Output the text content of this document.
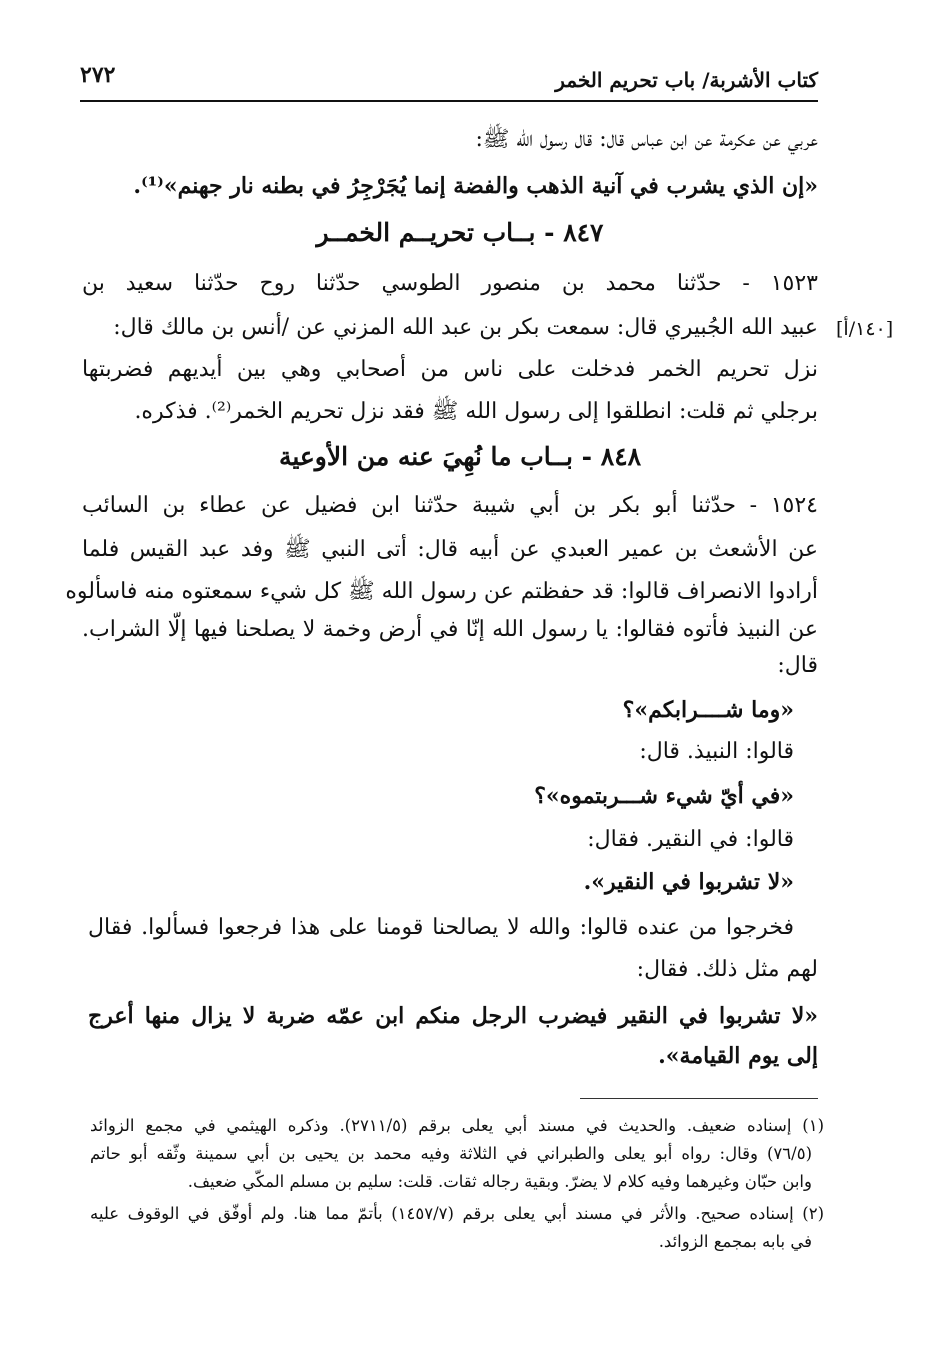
٢٧٢	كتاب الأشربة/ باب تحريم الخمر
[١٤٠/أ]
عربي عن عكرمة عن ابن عباس قال: قال رسول الله ﷺ:
«إن الذي يشرب في آنية الذهب والفضة إنما يُجَرْجِرُ في بطنه نار جهنم»⁽¹⁾.
٨٤٧ - بــاب تحريــم الخمــر
١٥٢٣ - حدّثنا محمد بن منصور الطوسي حدّثنا روح حدّثنا سعيد بن
عبيد الله الجُبيري قال: سمعت بكر بن عبد الله المزني عن /أنس بن مالك قال:
نزل تحريم الخمر فدخلت على ناس من أصحابي وهي بين أيديهم فضربتها
برجلي ثم قلت: انطلقوا إلى رسول الله ﷺ فقد نزل تحريم الخمر⁽²⁾. فذكره.
٨٤٨ - بــاب ما نُهِيَ عنه من الأوعية
١٥٢٤ - حدّثنا أبو بكر بن أبي شيبة حدّثنا ابن فضيل عن عطاء بن السائب
عن الأشعث بن عمير العبدي عن أبيه قال: أتى النبي ﷺ وفد عبد القيس فلما
أرادوا الانصراف قالوا: قد حفظتم عن رسول الله ﷺ كل شيء سمعتوه منه فاسألوه
عن النبيذ فأتوه فقالوا: يا رسول الله إنّا في أرض وخمة لا يصلحنا فيها إلّا الشراب.
قال:
«وما شــــرابكم»؟
قالوا: النبيذ. قال:
«في أيّ شيء شـــربتموه»؟
قالوا: في النقير. فقال:
«لا تشربوا في النقير».
فخرجوا من عنده قالوا: والله لا يصالحنا قومنا على هذا فرجعوا فسألوا. فقال
لهم مثل ذلك. فقال:
«لا تشربوا في النقير فيضرب الرجل منكم ابن عمّه ضربة لا يزال منها أعرج
إلى يوم القيامة».
(١) إسناده ضعيف. والحديث في مسند أبي يعلى برقم (٢٧١١/٥). وذكره الهيثمي في مجمع الزوائد
(٧٦/٥) وقال: رواه أبو يعلى والطبراني في الثلاثة وفيه محمد بن يحيى بن أبي سمينة وثّقه أبو حاتم
وابن حبّان وغيرهما وفيه كلام لا يضرّ. وبقية رجاله ثقات. قلت: سليم بن مسلم المكّي ضعيف.
(٢) إسناده صحيح. والأثر في مسند أبي يعلى برقم (١٤٥٧/٧) بأتمّ مما هنا. ولم أوفّق في الوقوف عليه
في بابه بمجمع الزوائد.
